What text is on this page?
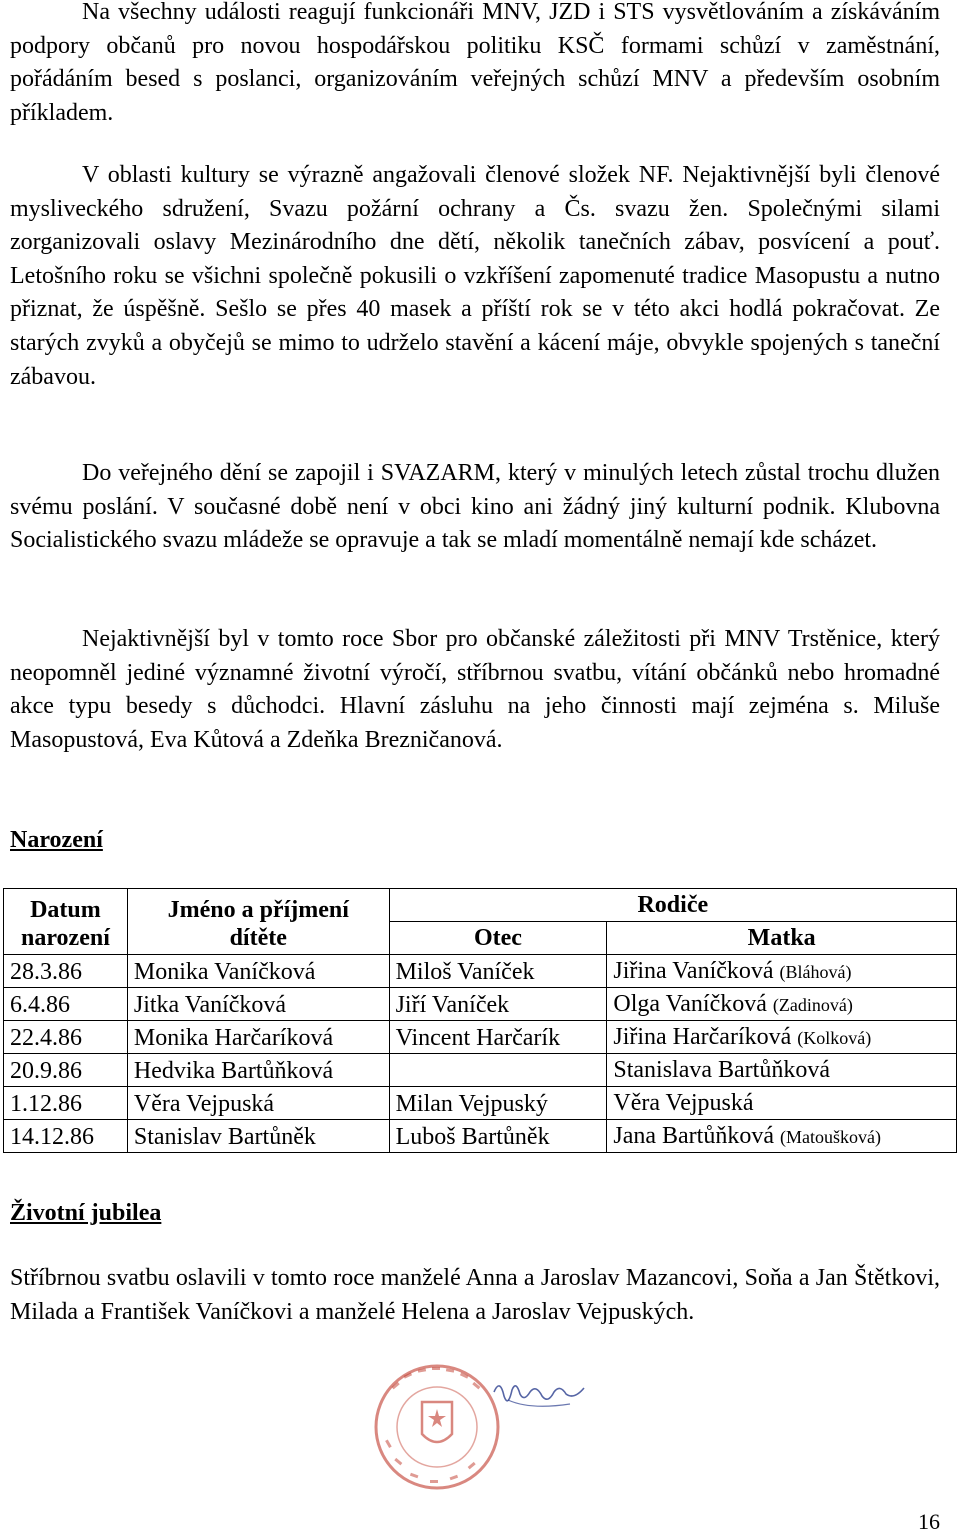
Na všechny události reagují funkcionáři MNV, JZD i STS vysvětlováním a získáváním podpory občanů pro novou hospodářskou politiku KSČ formami schůzí v zaměstnání, pořádáním besed s poslanci, organizováním veřejných schůzí MNV a především osobním příkladem.

V oblasti kultury se výrazně angažovali členové složek NF. Nejaktivnější byli členové mysliveckého sdružení, Svazu požární ochrany a Čs. svazu žen. Společnými silami zorganizovali oslavy Mezinárodního dne dětí, několik tanečních zábav, posvícení a pouť. Letošního roku se všichni společně pokusili o vzkříšení zapomenuté tradice Masopustu a nutno přiznat, že úspěšně. Sešlo se přes 40 masek a příští rok se v této akci hodlá pokračovat. Ze starých zvyků a obyčejů se mimo to udrželo stavění a kácení máje, obvykle spojených s taneční zábavou.

Do veřejného dění se zapojil i SVAZARM, který v minulých letech zůstal trochu dlužen svému poslání. V současné době není v obci kino ani žádný jiný kulturní podnik. Klubovna Socialistického svazu mládeže se opravuje a tak se mladí momentálně nemají kde scházet.

Nejaktivnější byl v tomto roce Sbor pro občanské záležitosti při MNV Trstěnice, který neopomněl jediné významné životní výročí, stříbrnou svatbu, vítání občánků nebo hromadné akce typu besedy s důchodci. Hlavní zásluhu na jeho činnosti mají zejména s. Miluše Masopustová, Eva Kůtová a Zdeňka Brezničanová.

Narození
Datum
narození	Jméno a příjmení
dítěte	Rodiče	
		Otec	Matka
28.3.86	Monika Vaníčková	Miloš Vaníček	Jiřina Vaníčková (Bláhová)
6.4.86	Jitka Vaníčková	Jiří Vaníček	Olga Vaníčková (Zadinová)
22.4.86	Monika Harčaríková	Vincent Harčarík	Jiřina Harčaríková (Kolková)
20.9.86	Hedvika Bartůňková		Stanislava Bartůňková
1.12.86	Věra Vejpuská	Milan Vejpuský	Věra Vejpuská
14.12.86	Stanislav Bartůněk	Luboš Bartůněk	Jana Bartůňková (Matoušková)
Životní jubilea

Stříbrnou svatbu oslavili v tomto roce manželé Anna a Jaroslav Mazancovi, Soňa a Jan Štětkovi, Milada a František Vaníčkovi a manželé Helena a Jaroslav Vejpuských.

16
